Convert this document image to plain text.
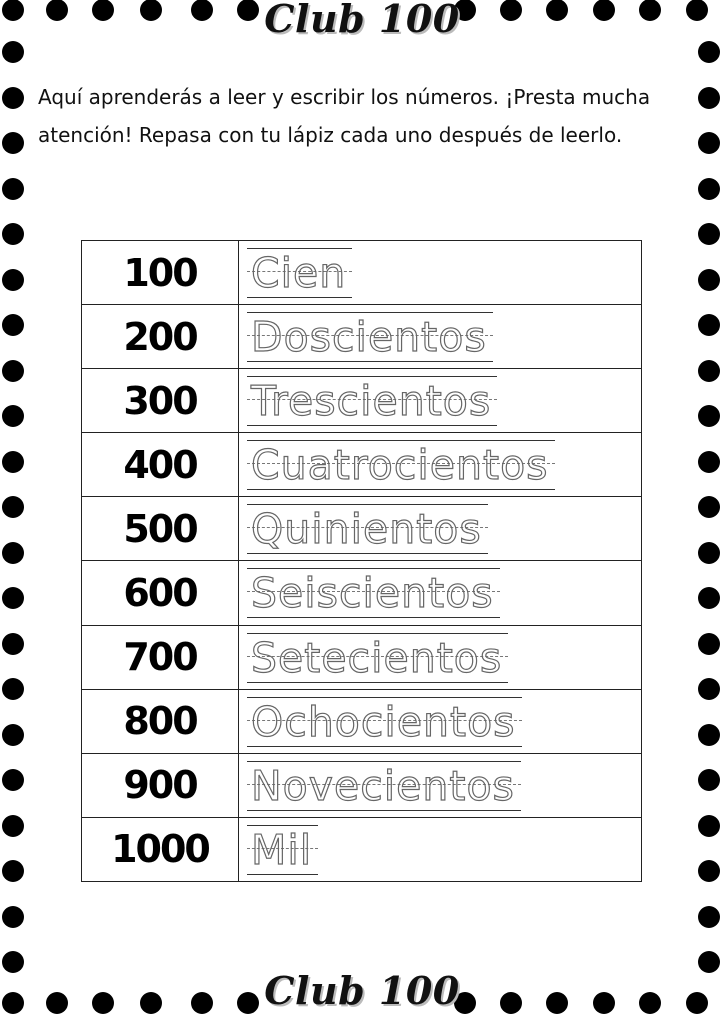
Club 100

Aquí aprenderás a leer y escribir los números. ¡Presta mucha atención! Repasa con tu lápiz cada uno después de leerlo.

100	Cien

200	Doscientos

300	Trescientos

400	Cuatrocientos

500	Quinientos

600	Seiscientos

700	Setecientos

800	Ochocientos

900	Novecientos

1000	Mil
Club 100
